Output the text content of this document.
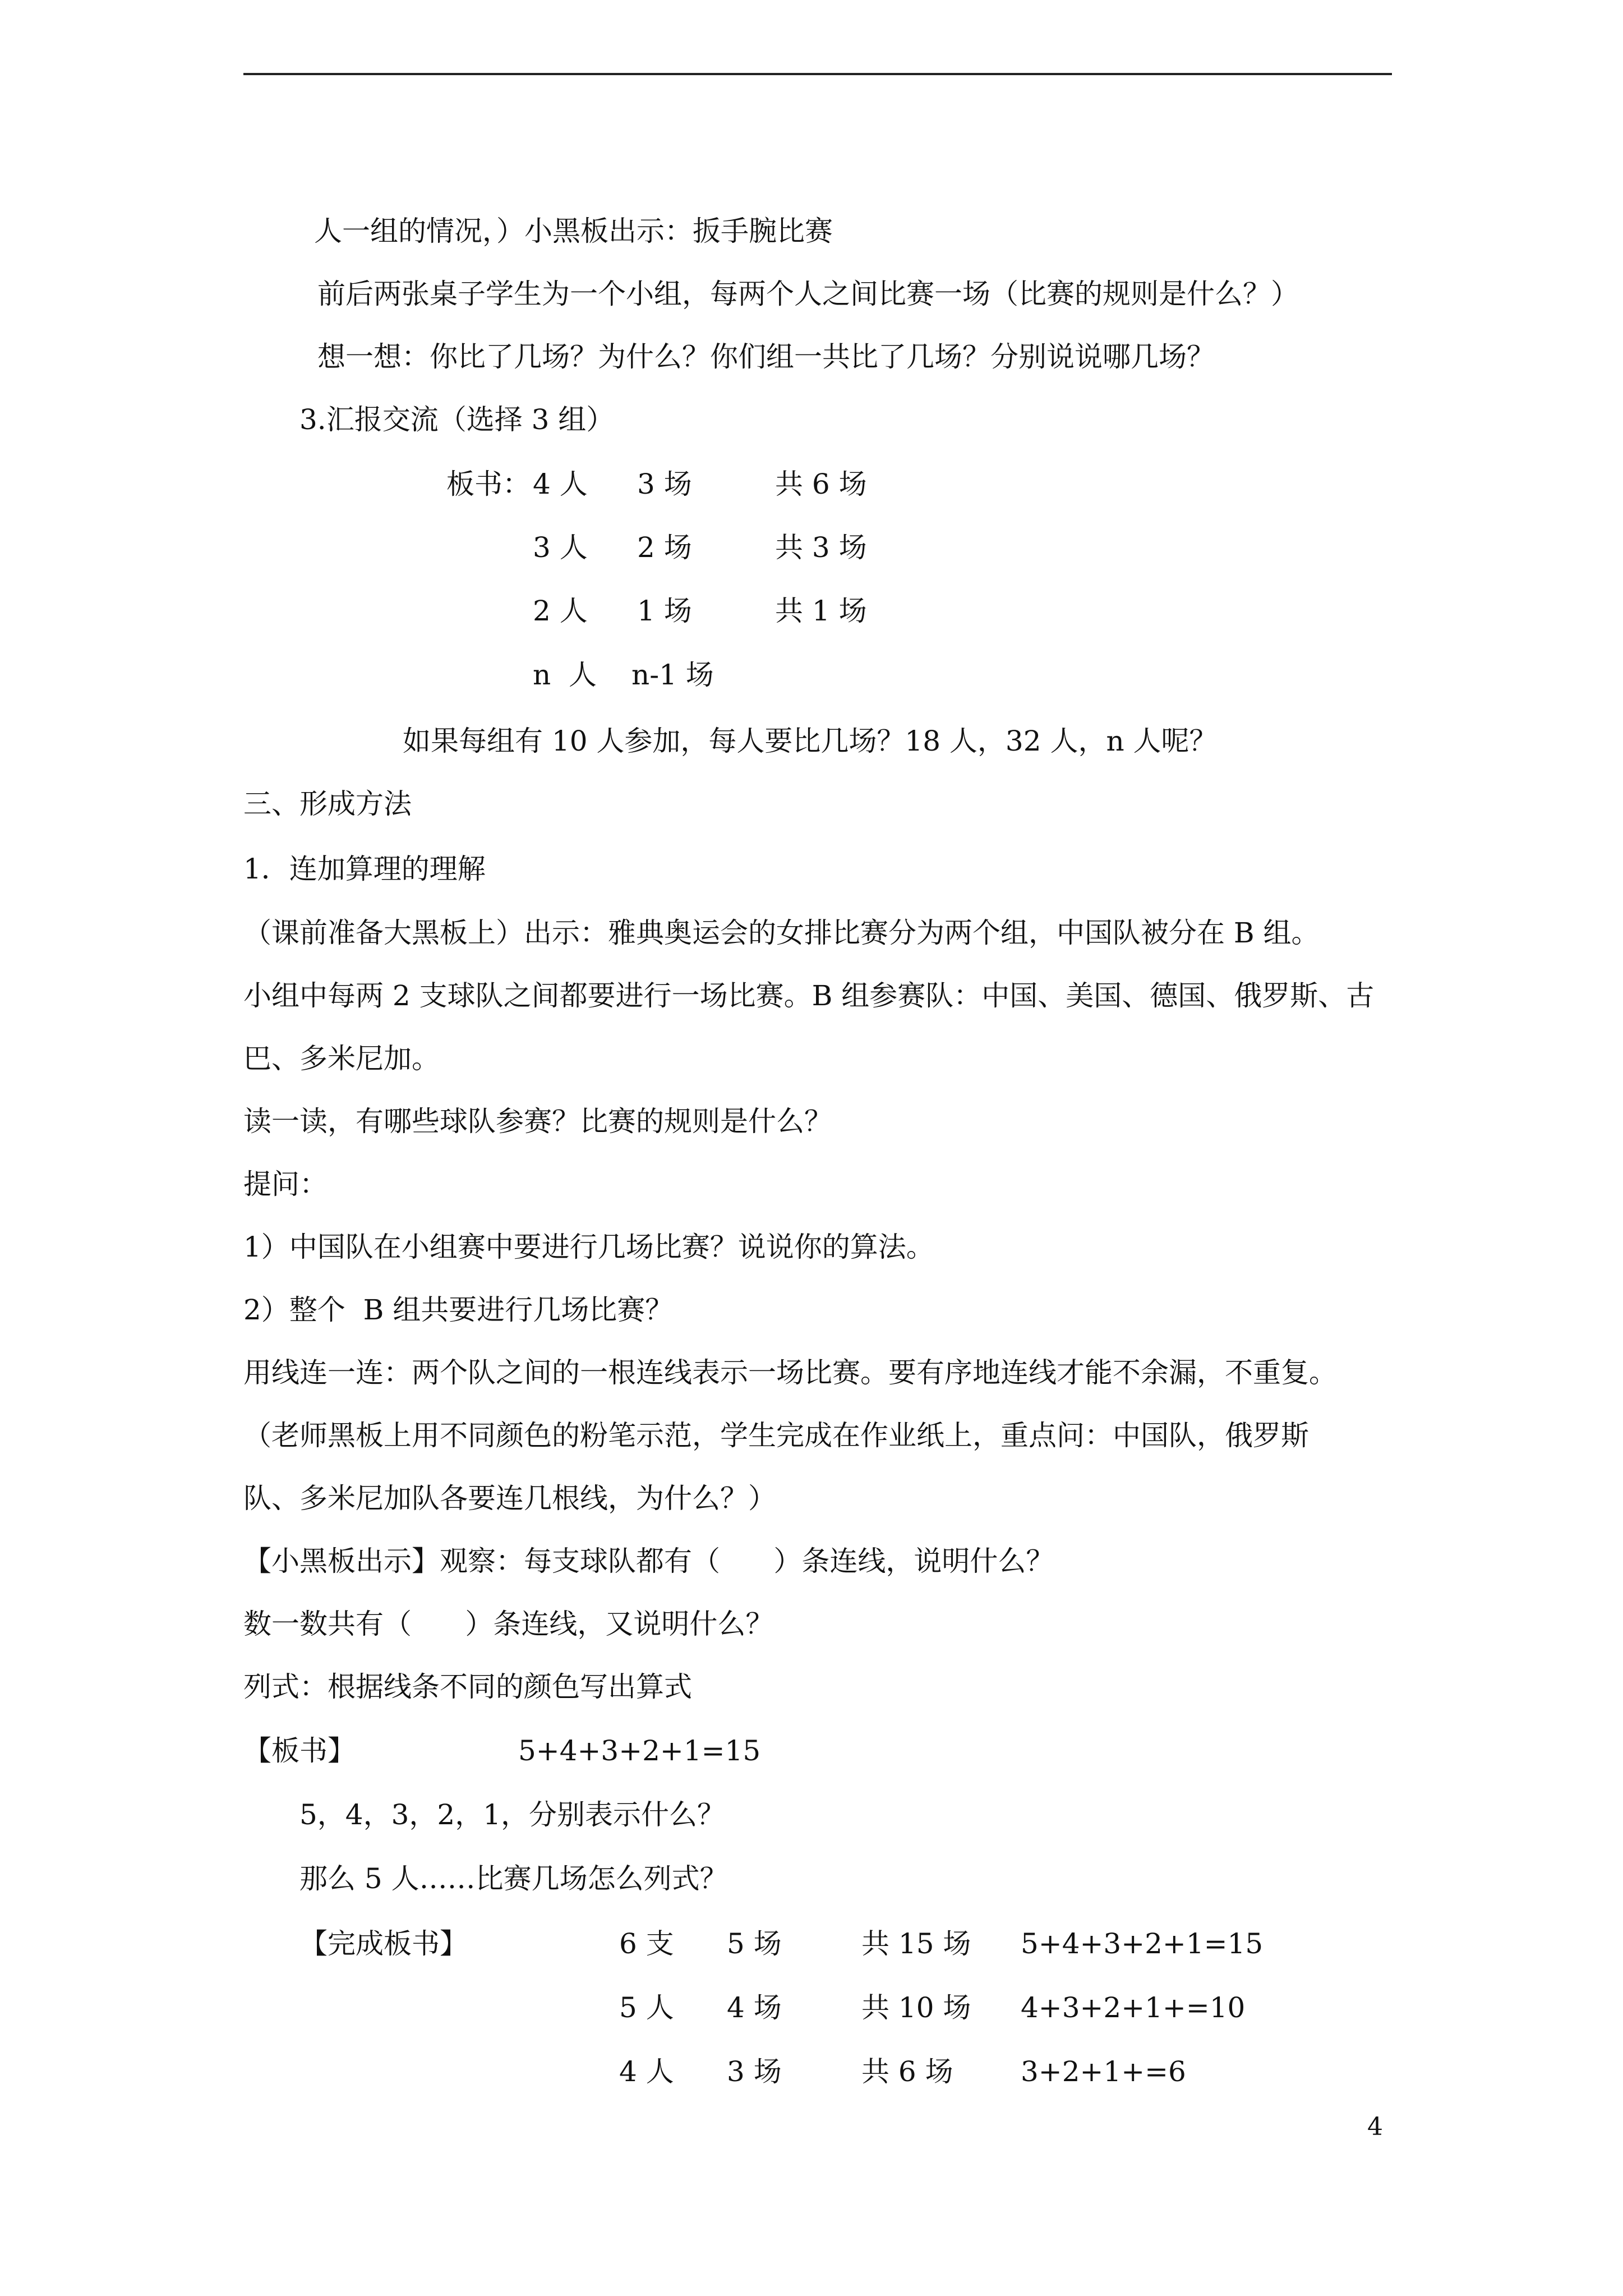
人一组的情况，）小黑板出示：扳手腕比赛
前后两张桌子学生为一个小组，每两个人之间比赛一场（比赛的规则是什么？）
想一想：你比了几场？为什么？你们组一共比了几场？分别说说哪几场？
3.汇报交流（选择 3 组）
板书： 4 人 3 场	共 6 场
3 人 2 场	共 3 场
2 人 1 场	共 1 场
n  人 n-1 场
如果每组有 10 人参加，每人要比几场？18 人，32 人，n 人呢？
三、形成方法
1．连加算理的理解
（课前准备大黑板上）出示：雅典奥运会的女排比赛分为两个组，中国队被分在 B 组。
小组中每两 2 支球队之间都要进行一场比赛。B 组参赛队：中国、美国、德国、俄罗斯、古
巴、多米尼加。
读一读，有哪些球队参赛？比赛的规则是什么？
提问：
1）中国队在小组赛中要进行几场比赛？说说你的算法。
2）整个  B 组共要进行几场比赛？
用线连一连：两个队之间的一根连线表示一场比赛。要有序地连线才能不余漏，不重复。
（老师黑板上用不同颜色的粉笔示范，学生完成在作业纸上，重点问：中国队，俄罗斯
队、多米尼加队各要连几根线，为什么？）
【小黑板出示】观察：每支球队都有（      ）条连线，说明什么？
数一数共有（      ）条连线，又说明什么？
列式：根据线条不同的颜色写出算式
【板书】	5+4+3+2+1=15
5，4，3，2，1，分别表示什么？
那么 5 人……比赛几场怎么列式？
【完成板书】	6 支 5 场	共 15 场 5+4+3+2+1=15
5 人 4 场	共 10 场 4+3+2+1+=10
4 人 3 场	共 6 场 3+2+1+=6
4
